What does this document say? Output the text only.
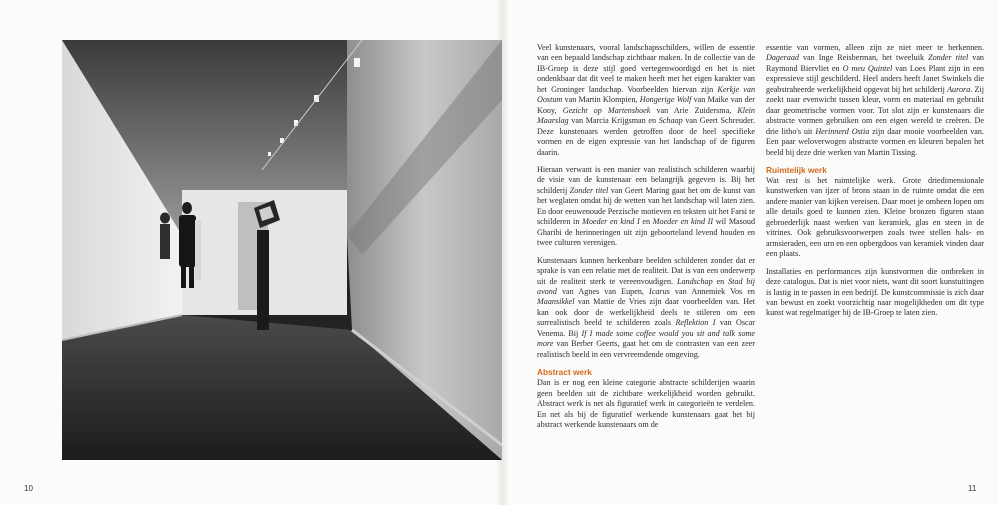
Veel kunstenaars, vooral landschapsschilders, willen de essentie van een bepaald landschap zichtbaar maken. In de collectie van de IB-Groep is deze stijl goed vertegenwoordigd en het is niet ondenkbaar dat dit veel te maken heeft met het eigen karakter van het Groninger landschap. Voorbeelden hiervan zijn Kerkje van Oostum van Martin Klompien, Hongerige Wolf van Maike van der Kooy, Gezicht op Martenshoek van Arie Zuidersma, Klein Maarslag van Marcia Krijgsman en Schaap van Geert Schreuder. Deze kunstenaars werden getroffen door de heel specifieke vormen en de eigen expressie van het landschap of de figuren daarin.

Hieraan verwant is een manier van realistisch schilderen waarbij de visie van de kunstenaar een belangrijk gegeven is. Bij het schilderij Zonder titel van Geert Maring gaat het om de kunst van het weglaten omdat hij de wetten van het landschap wil laten zien. En door eeuwenoude Perzische motieven en teksten uit het Farsi te schilderen in Moeder en kind I en Moeder en kind II wil Masoud Gharibi de herinneringen uit zijn geboorteland levend houden en twee culturen verenigen.

Kunstenaars kunnen herkenbare beelden schilderen zonder dat er sprake is van een relatie met de realiteit. Dat is van een onderwerp uit de realiteit sterk te vereenvoudigen. Landschap en Stad bij avond van Agnes van Eupen, Icarus van Annemiek Vos en Maansikkel van Mattie de Vries zijn daar voorbeelden van. Het kan ook door de werkelijkheid deels te stileren om een surrealistisch beeld te schilderen zoals Reflektion I van Oscar Venema. Bij If I made some coffee would you sit and talk some more van Berber Geerts, gaat het om de contrasten van een zeer realistisch beeld in een vervreemdende omgeving.

Abstract werk

Dan is er nog een kleine categorie abstracte schilderijen waarin geen beelden uit de zichtbare werkelijkheid worden gebruikt. Abstract werk is net als figuratief werk in categorieën te verdelen. En net als bij de figuratief werkende kunstenaars gaat het bij abstract werkende kunstenaars om de

essentie van vormen, alleen zijn ze niet meer te herkennen. Dageraad van Inge Reisberman, het tweeluik Zonder titel van Raymond Biervliet en O meu Quintel van Loes Plant zijn in een expressieve stijl geschilderd. Heel anders heeft Janet Swinkels die geabstraheerde werkelijkheid opgevat bij het schilderij Aurora. Zij zoekt naar evenwicht tussen kleur, vorm en materiaal en gebruikt daar geometrische vormen voor. Tot slot zijn er kunstenaars die abstracte vormen gebruiken om een eigen wereld te creëren. De drie litho's uit Herinnerd Ostia zijn daar mooie voorbeelden van. Een paar weloverwogen abstracte vormen en kleuren bepalen het beeld bij deze drie werken van Martin Tissing.

Ruimtelijk werk

Wat rest is het ruimtelijke werk. Grote driedimensionale kunstwerken van ijzer of brons staan in de ruimte omdat die een andere manier van kijken vereisen. Daar moet je omheen lopen om alle details goed te kunnen zien. Kleine bronzen figuren staan gebroederlijk naast werken van keramiek, glas en steen in de vitrines. Ook gebruiksvoorwerpen zoals twee stellen hals- en armsieraden, een urn en een opbergdoos van keramiek vinden daar een plaats.

Installaties en performances zijn kunstvormen die ontbreken in deze catalogus. Dat is niet voor niets, want dit soort kunstuitingen is lastig in te passen in een bedrijf. De kunstcommissie is zich daar van bewust en zoekt voorzichtig naar mogelijkheden om dit type kunst wat regelmatiger bij de IB-Groep te laten zien.

10	11
